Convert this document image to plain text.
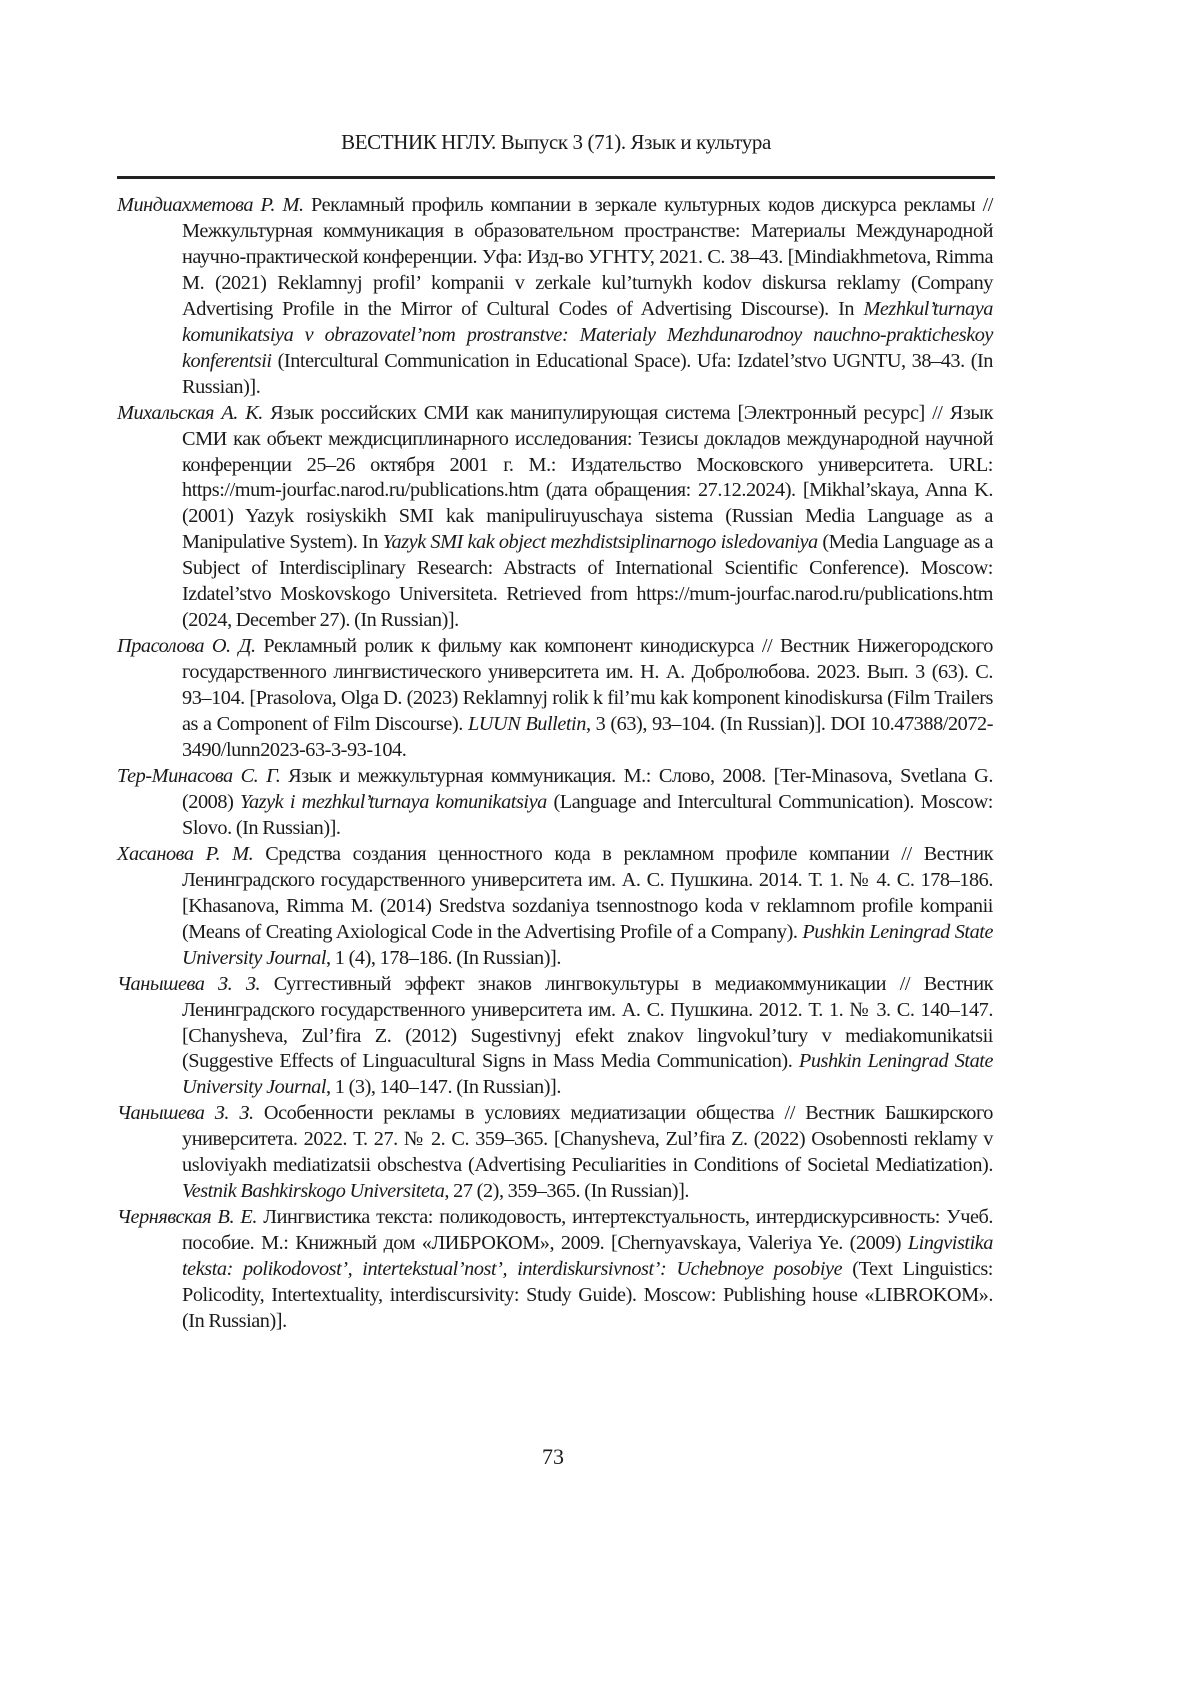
ВЕСТНИК НГЛУ. Выпуск 3 (71). Язык и культура

Миндиахметова Р. М. Рекламный профиль компании в зеркале культурных кодов дискурса рекламы // Межкультурная коммуникация в образовательном пространстве: Материалы Международной научно-практической конференции. Уфа: Изд-во УГНТУ, 2021. С. 38–43. [Mindiakhmetova, Rimma M. (2021) Reklamnyj profil’ kompanii v zerkale kul’turnykh kodov diskursa reklamy (Company Advertising Profile in the Mirror of Cultural Codes of Advertising Discourse). In Mezhkul’turnaya komunikatsiya v obrazovatel’nom prostranstve: Materialy Mezhdunarodnoy nauchno-prakticheskoy konferentsii (Intercultural Communication in Educational Space). Ufa: Izdatel’stvo UGNTU, 38–43. (In Russian)].

Михальская А. К. Язык российских СМИ как манипулирующая система [Электронный ресурс] // Язык СМИ как объект междисциплинарного исследования: Тезисы докладов международной научной конференции 25–26 октября 2001 г. М.: Издательство Московского университета. URL: https://mum-jourfac.narod.ru/publications.htm (дата обращения: 27.12.2024). [Mikhal’skaya, Anna K. (2001) Yazyk rosiyskikh SMI kak manipuliruyuschaya sistema (Russian Media Language as a Manipulative System). In Yazyk SMI kak object mezhdistsiplinarnogo isledovaniya (Media Language as a Subject of Interdisciplinary Research: Abstracts of International Scientific Conference). Moscow: Izdatel’stvo Moskovskogo Universiteta. Retrieved from https://mum-jourfac.narod.ru/publications.htm (2024, December 27). (In Russian)].

Прасолова О. Д. Рекламный ролик к фильму как компонент кинодискурса // Вестник Нижегородского государственного лингвистического университета им. Н. А. Добролюбова. 2023. Вып. 3 (63). С. 93–104. [Prasolova, Olga D. (2023) Reklamnyj rolik k fil’mu kak komponent kinodiskursa (Film Trailers as a Component of Film Discourse). LUUN Bulletin, 3 (63), 93–104. (In Russian)]. DOI 10.47388/2072-3490/lunn2023-63-3-93-104.

Тер-Минасова С. Г. Язык и межкультурная коммуникация. М.: Слово, 2008. [Ter-Minasova, Svetlana G. (2008) Yazyk i mezhkul’turnaya komunikatsiya (Language and Intercultural Communication). Moscow: Slovo. (In Russian)].

Хасанова Р. М. Средства создания ценностного кода в рекламном профиле компании // Вестник Ленинградского государственного университета им. А. С. Пушкина. 2014. Т. 1. № 4. С. 178–186. [Khasanova, Rimma M. (2014) Sredstva sozdaniya tsennostnogo koda v reklamnom profile kompanii (Means of Creating Axiological Code in the Advertising Profile of a Company). Pushkin Leningrad State University Journal, 1 (4), 178–186. (In Russian)].

Чанышева З. З. Суггестивный эффект знаков лингвокультуры в медиакоммуникации // Вестник Ленинградского государственного университета им. А. С. Пушкина. 2012. Т. 1. № 3. С. 140–147. [Chanysheva, Zul’fira Z. (2012) Sugestivnyj efekt znakov lingvokul’tury v mediakomunikatsii (Suggestive Effects of Linguacultural Signs in Mass Media Communication). Pushkin Leningrad State University Journal, 1 (3), 140–147. (In Russian)].

Чанышева З. З. Особенности рекламы в условиях медиатизации общества // Вестник Башкирского университета. 2022. Т. 27. № 2. С. 359–365. [Chanysheva, Zul’fira Z. (2022) Osobennosti reklamy v usloviyakh mediatizatsii obschestva (Advertising Peculiarities in Conditions of Societal Mediatization). Vestnik Bashkirskogo Universiteta, 27 (2), 359–365. (In Russian)].

Чернявская В. Е. Лингвистика текста: поликодовость, интертекстуальность, интердискурсивность: Учеб. пособие. М.: Книжный дом «ЛИБРОКОМ», 2009. [Chernyavskaya, Valeriya Ye. (2009) Lingvistika teksta: polikodovost’, intertekstual’nost’, interdiskursivnost’: Uchebnoye posobiye (Text Linguistics: Policodity, Intertextuality, interdiscursivity: Study Guide). Moscow: Publishing house «LIBROKOM». (In Russian)].

73
